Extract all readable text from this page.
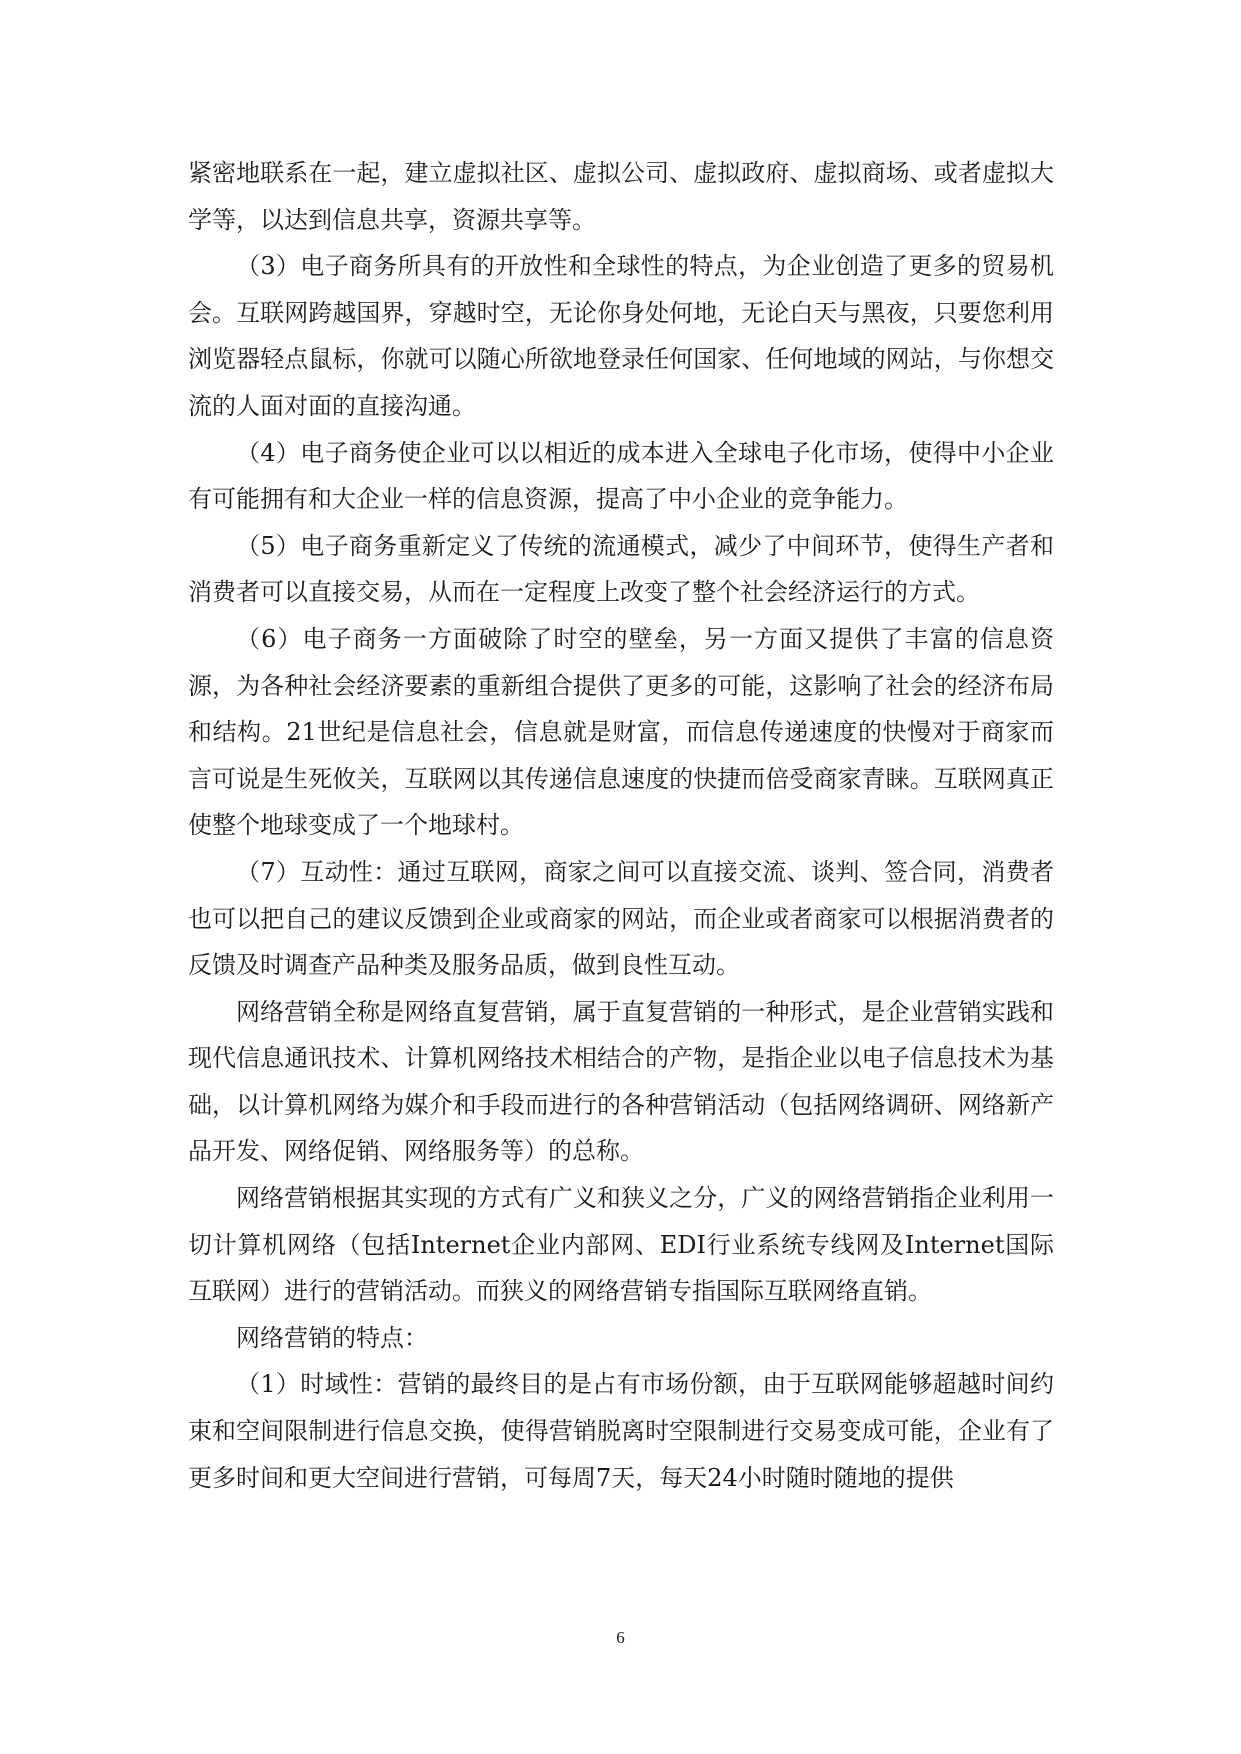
紧密地联系在一起，建立虚拟社区、虚拟公司、虚拟政府、虚拟商场、或者虚拟大学等，以达到信息共享，资源共享等。

（3）电子商务所具有的开放性和全球性的特点，为企业创造了更多的贸易机会。互联网跨越国界，穿越时空，无论你身处何地，无论白天与黑夜，只要您利用浏览器轻点鼠标，你就可以随心所欲地登录任何国家、任何地域的网站，与你想交流的人面对面的直接沟通。

（4）电子商务使企业可以以相近的成本进入全球电子化市场，使得中小企业有可能拥有和大企业一样的信息资源，提高了中小企业的竞争能力。

（5）电子商务重新定义了传统的流通模式，减少了中间环节，使得生产者和消费者可以直接交易，从而在一定程度上改变了整个社会经济运行的方式。

（6）电子商务一方面破除了时空的壁垒，另一方面又提供了丰富的信息资源，为各种社会经济要素的重新组合提供了更多的可能，这影响了社会的经济布局和结构。21世纪是信息社会，信息就是财富，而信息传递速度的快慢对于商家而言可说是生死攸关，互联网以其传递信息速度的快捷而倍受商家青睐。互联网真正使整个地球变成了一个地球村。

（7）互动性：通过互联网，商家之间可以直接交流、谈判、签合同，消费者也可以把自己的建议反馈到企业或商家的网站，而企业或者商家可以根据消费者的反馈及时调查产品种类及服务品质，做到良性互动。

网络营销全称是网络直复营销，属于直复营销的一种形式，是企业营销实践和现代信息通讯技术、计算机网络技术相结合的产物，是指企业以电子信息技术为基础，以计算机网络为媒介和手段而进行的各种营销活动（包括网络调研、网络新产品开发、网络促销、网络服务等）的总称。

网络营销根据其实现的方式有广义和狭义之分，广义的网络营销指企业利用一切计算机网络（包括Internet企业内部网、EDI行业系统专线网及Internet国际互联网）进行的营销活动。而狭义的网络营销专指国际互联网络直销。

网络营销的特点：

（1）时域性：营销的最终目的是占有市场份额，由于互联网能够超越时间约束和空间限制进行信息交换，使得营销脱离时空限制进行交易变成可能，企业有了更多时间和更大空间进行营销，可每周7天，每天24小时随时随地的提供

6
